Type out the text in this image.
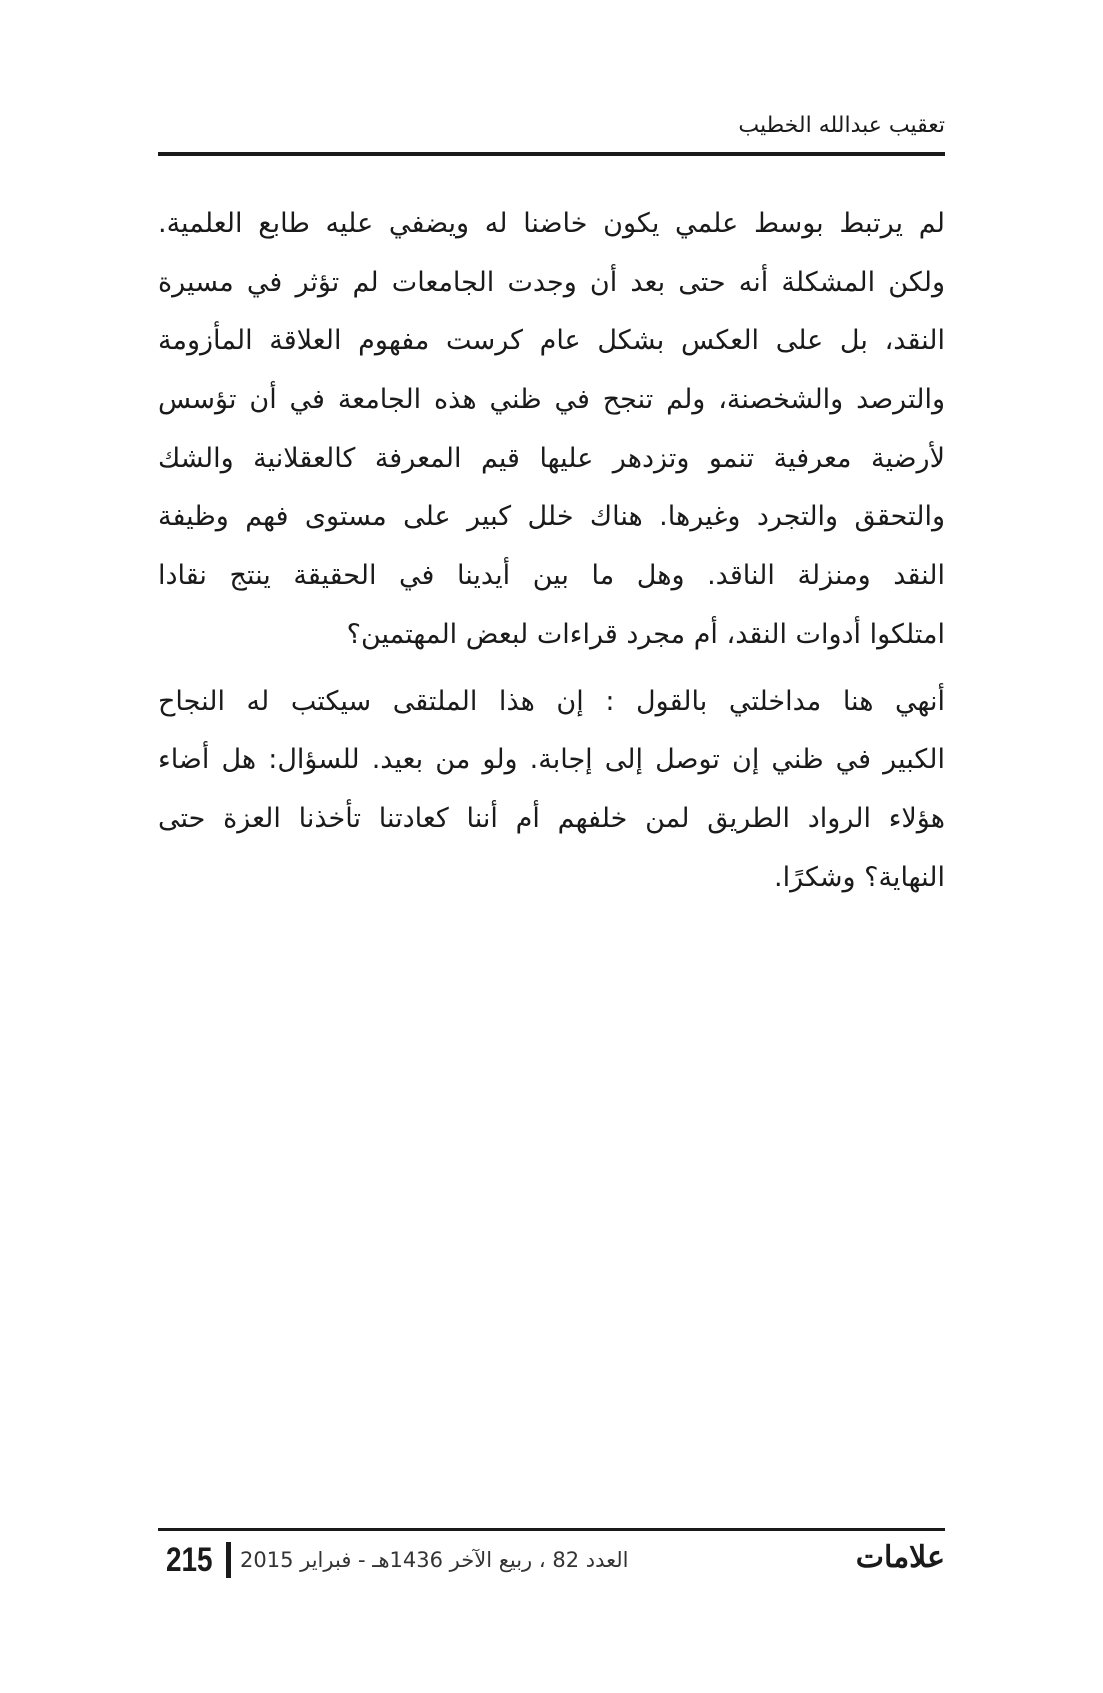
تعقيب عبدالله الخطيب
لم يرتبط بوسط علمي يكون خاضنا له ويضفي عليه طابع العلمية.
ولكن المشكلة أنه حتى بعد أن وجدت الجامعات لم تؤثر في مسيرة
النقد، بل على العكس بشكل عام كرست مفهوم العلاقة المأزومة
والترصد والشخصنة، ولم تنجح في ظني هذه الجامعة في أن تؤسس
لأرضية معرفية تنمو وتزدهر عليها قيم المعرفة كالعقلانية والشك
والتحقق والتجرد وغيرها. هناك خلل كبير على مستوى فهم وظيفة
النقد ومنزلة الناقد. وهل ما بين أيدينا في الحقيقة ينتج نقادا
امتلكوا أدوات النقد، أم مجرد قراءات لبعض المهتمين؟
أنهي هنا مداخلتي بالقول : إن هذا الملتقى سيكتب له النجاح
الكبير في ظني إن توصل إلى إجابة. ولو من بعيد. للسؤال: هل أضاء
هؤلاء الرواد الطريق لمن خلفهم أم أننا كعادتنا تأخذنا العزة حتى
النهاية؟ وشكرًا.
215 العدد 82 ، ربيع الآخر 1436هـ - فبراير 2015	علامات
